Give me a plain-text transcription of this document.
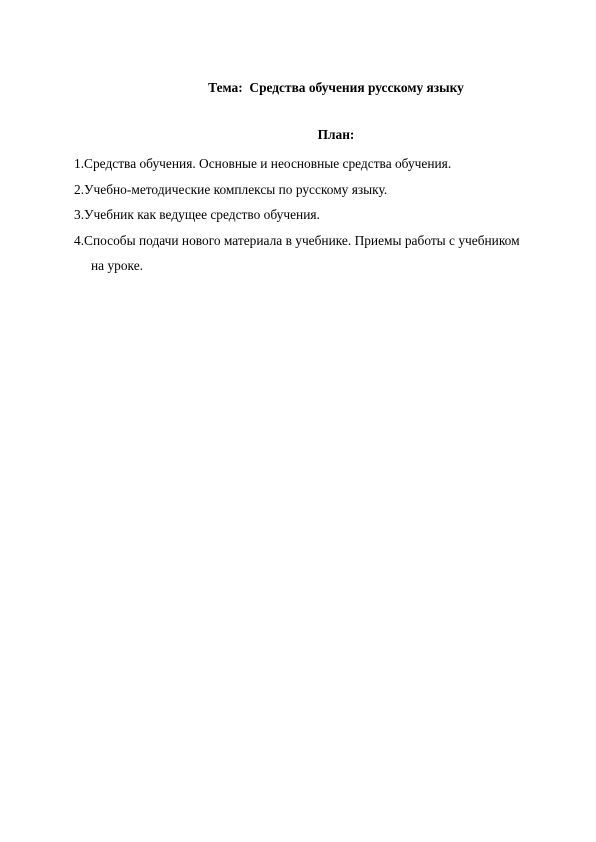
Тема:  Средства обучения русскому языку
План:
1. Средства обучения. Основные и неосновные средства обучения.
2. Учебно-методические комплексы по русскому языку.
3. Учебник как ведущее средство обучения.
4. Способы подачи нового материала в учебнике. Приемы работы с учебником
на уроке.
